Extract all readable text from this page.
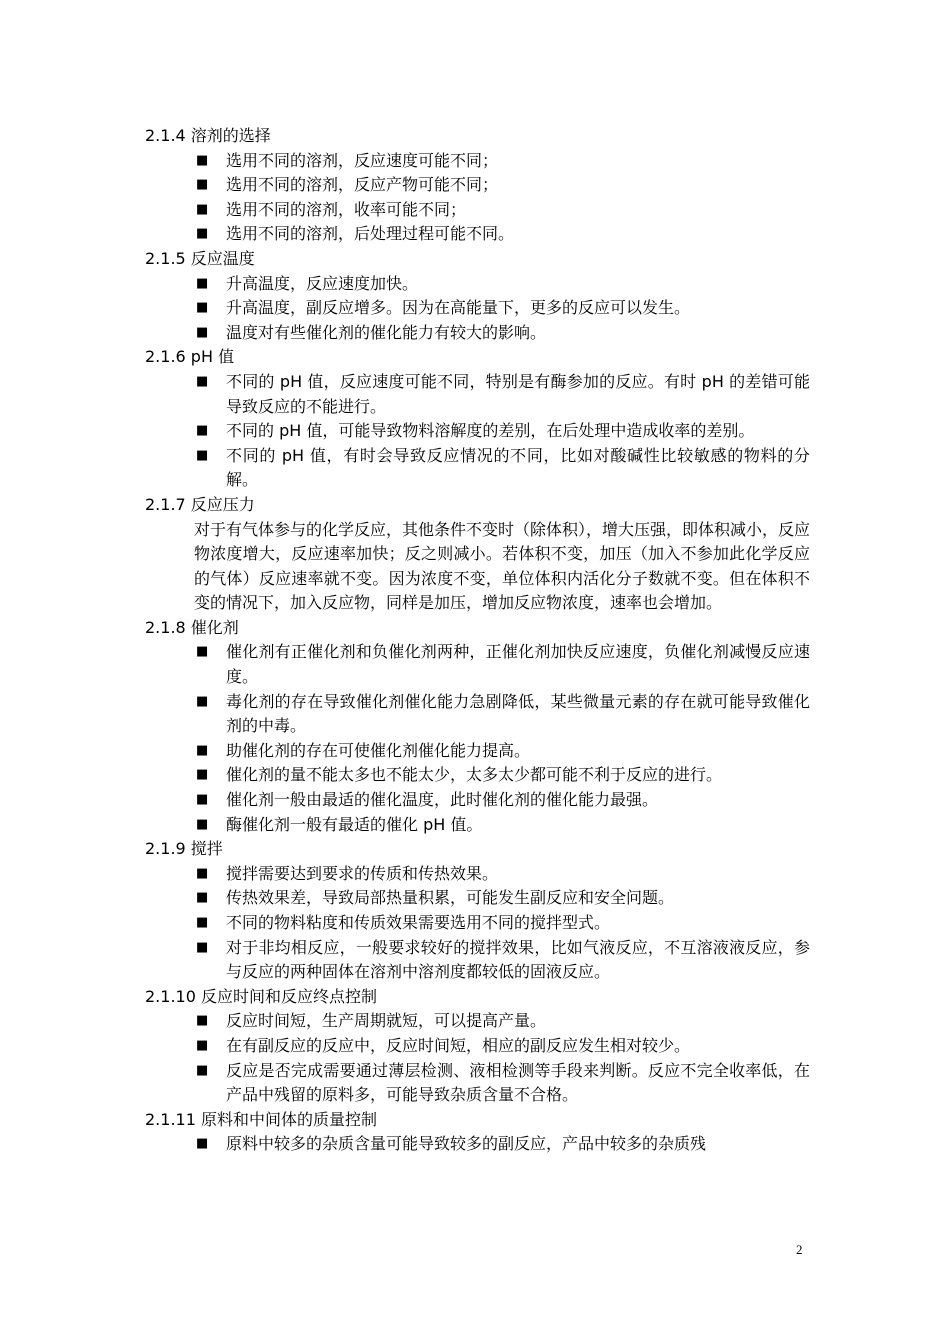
2.1.4 溶剂的选择
■ 选用不同的溶剂，反应速度可能不同；
■ 选用不同的溶剂，反应产物可能不同；
■ 选用不同的溶剂，收率可能不同；
■ 选用不同的溶剂，后处理过程可能不同。
2.1.5 反应温度
■ 升高温度，反应速度加快。
■ 升高温度，副反应增多。因为在高能量下，更多的反应可以发生。
■ 温度对有些催化剂的催化能力有较大的影响。
2.1.6 pH 值
■ 不同的 pH 值，反应速度可能不同，特别是有酶参加的反应。有时 pH 的差错可能导致反应的不能进行。
■ 不同的 pH 值，可能导致物料溶解度的差别，在后处理中造成收率的差别。
■ 不同的 pH 值，有时会导致反应情况的不同，比如对酸碱性比较敏感的物料的分解。
2.1.7 反应压力
对于有气体参与的化学反应，其他条件不变时（除体积），增大压强，即体积减小，反应物浓度增大，反应速率加快；反之则减小。若体积不变，加压（加入不参加此化学反应的气体）反应速率就不变。因为浓度不变，单位体积内活化分子数就不变。但在体积不变的情况下，加入反应物，同样是加压，增加反应物浓度，速率也会增加。
2.1.8 催化剂
■ 催化剂有正催化剂和负催化剂两种，正催化剂加快反应速度，负催化剂减慢反应速度。
■ 毒化剂的存在导致催化剂催化能力急剧降低，某些微量元素的存在就可能导致催化剂的中毒。
■ 助催化剂的存在可使催化剂催化能力提高。
■ 催化剂的量不能太多也不能太少，太多太少都可能不利于反应的进行。
■ 催化剂一般由最适的催化温度，此时催化剂的催化能力最强。
■ 酶催化剂一般有最适的催化 pH 值。
2.1.9 搅拌
■ 搅拌需要达到要求的传质和传热效果。
■ 传热效果差，导致局部热量积累，可能发生副反应和安全问题。
■ 不同的物料粘度和传质效果需要选用不同的搅拌型式。
■ 对于非均相反应，一般要求较好的搅拌效果，比如气液反应，不互溶液液反应，参与反应的两种固体在溶剂中溶剂度都较低的固液反应。
2.1.10 反应时间和反应终点控制
■ 反应时间短，生产周期就短，可以提高产量。
■ 在有副反应的反应中，反应时间短，相应的副反应发生相对较少。
■ 反应是否完成需要通过薄层检测、液相检测等手段来判断。反应不完全收率低，在产品中残留的原料多，可能导致杂质含量不合格。
2.1.11 原料和中间体的质量控制
■ 原料中较多的杂质含量可能导致较多的副反应，产品中较多的杂质残
2
